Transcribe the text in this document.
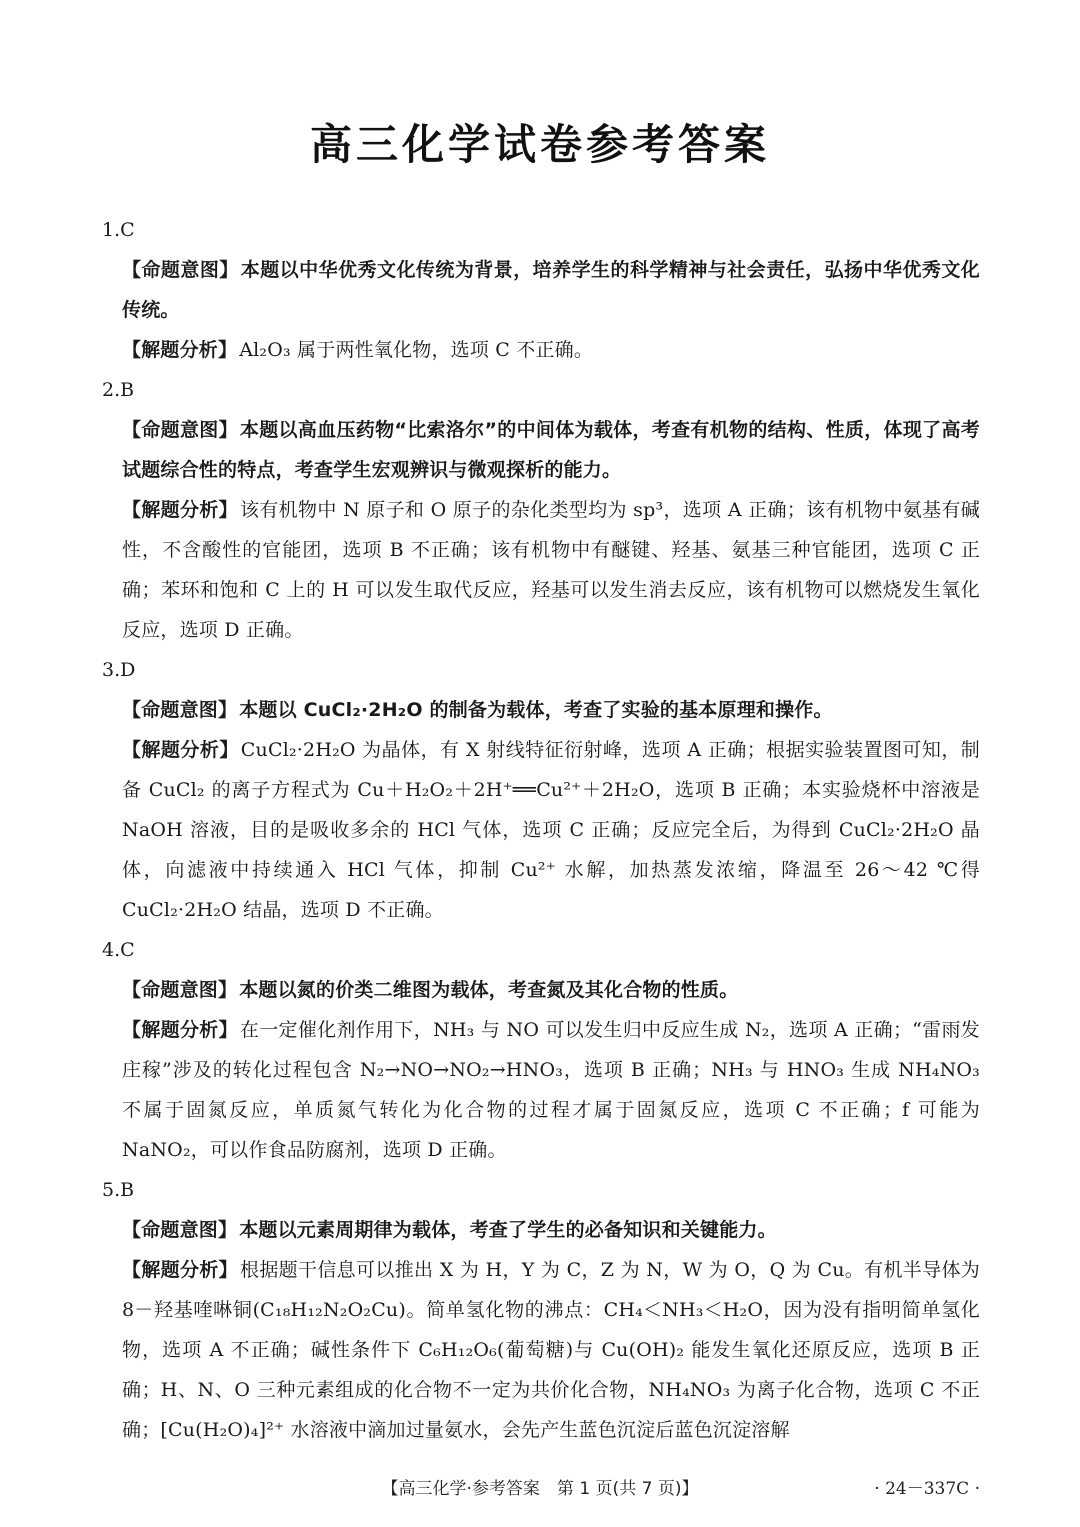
高三化学试卷参考答案

1.C

【命题意图】 本题以中华优秀文化传统为背景，培养学生的科学精神与社会责任，弘扬中华优秀文化传统。

【解题分析】 Al₂O₃ 属于两性氧化物，选项 C 不正确。

2.B

【命题意图】 本题以高血压药物“比索洛尔”的中间体为载体，考查有机物的结构、性质，体现了高考试题综合性的特点，考查学生宏观辨识与微观探析的能力。

【解题分析】 该有机物中 N 原子和 O 原子的杂化类型均为 sp³，选项 A 正确；该有机物中氨基有碱性，不含酸性的官能团，选项 B 不正确；该有机物中有醚键、羟基、氨基三种官能团，选项 C 正确；苯环和饱和 C 上的 H 可以发生取代反应，羟基可以发生消去反应，该有机物可以燃烧发生氧化反应，选项 D 正确。

3.D

【命题意图】 本题以 CuCl₂·2H₂O 的制备为载体，考查了实验的基本原理和操作。

【解题分析】 CuCl₂·2H₂O 为晶体，有 X 射线特征衍射峰，选项 A 正确；根据实验装置图可知，制备 CuCl₂ 的离子方程式为 Cu＋H₂O₂＋2H⁺══Cu²⁺＋2H₂O，选项 B 正确；本实验烧杯中溶液是 NaOH 溶液，目的是吸收多余的 HCl 气体，选项 C 正确；反应完全后，为得到 CuCl₂·2H₂O 晶体，向滤液中持续通入 HCl 气体，抑制 Cu²⁺ 水解，加热蒸发浓缩，降温至 26～42 ℃得 CuCl₂·2H₂O 结晶，选项 D 不正确。

4.C

【命题意图】 本题以氮的价类二维图为载体，考查氮及其化合物的性质。

【解题分析】 在一定催化剂作用下，NH₃ 与 NO 可以发生归中反应生成 N₂，选项 A 正确；“雷雨发庄稼”涉及的转化过程包含 N₂→NO→NO₂→HNO₃，选项 B 正确；NH₃ 与 HNO₃ 生成 NH₄NO₃ 不属于固氮反应，单质氮气转化为化合物的过程才属于固氮反应，选项 C 不正确；f 可能为 NaNO₂，可以作食品防腐剂，选项 D 正确。

5.B

【命题意图】 本题以元素周期律为载体，考查了学生的必备知识和关键能力。

【解题分析】 根据题干信息可以推出 X 为 H，Y 为 C，Z 为 N，W 为 O，Q 为 Cu。有机半导体为 8－羟基喹啉铜(C₁₈H₁₂N₂O₂Cu)。简单氢化物的沸点：CH₄＜NH₃＜H₂O，因为没有指明简单氢化物，选项 A 不正确；碱性条件下 C₆H₁₂O₆(葡萄糖)与 Cu(OH)₂ 能发生氧化还原反应，选项 B 正确；H、N、O 三种元素组成的化合物不一定为共价化合物，NH₄NO₃ 为离子化合物，选项 C 不正确；[Cu(H₂O)₄]²⁺ 水溶液中滴加过量氨水，会先产生蓝色沉淀后蓝色沉淀溶解

【高三化学·参考答案　第 1 页(共 7 页)】	· 24－337C ·
